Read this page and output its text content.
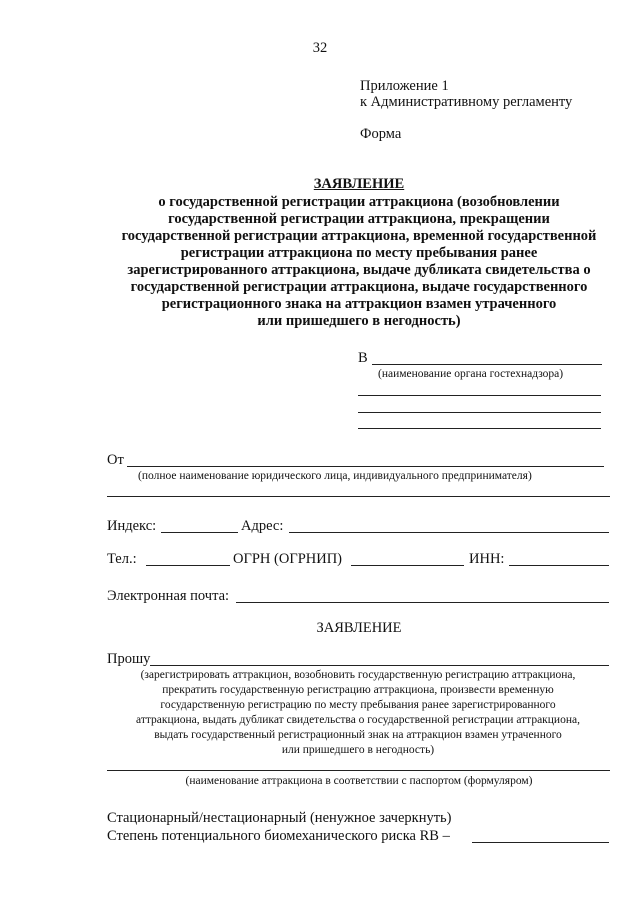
32
Приложение 1
к Административному регламенту
Форма
ЗАЯВЛЕНИЕ
о государственной регистрации аттракциона (возобновлении
государственной регистрации аттракциона, прекращении
государственной регистрации аттракциона, временной государственной
регистрации аттракциона по месту пребывания ранее
зарегистрированного аттракциона, выдаче дубликата свидетельства о
государственной регистрации аттракциона, выдаче государственного
регистрационного знака на аттракцион взамен утраченного
или пришедшего в негодность)
В
(наименование органа гостехнадзора)
От
(полное наименование юридического лица, индивидуального предпринимателя)
Индекс:	Адрес:
Тел.:	ОГРН (ОГРНИП)	ИНН:
Электронная почта:
ЗАЯВЛЕНИЕ
Прошу
(зарегистрировать аттракцион, возобновить государственную регистрацию аттракциона,
прекратить государственную регистрацию аттракциона, произвести временную
государственную регистрацию по месту пребывания ранее зарегистрированного
аттракциона, выдать дубликат свидетельства о государственной регистрации аттракциона,
выдать государственный регистрационный знак на аттракцион взамен утраченного
или пришедшего в негодность)
(наименование аттракциона в соответствии с паспортом (формуляром)
Стационарный/нестационарный (ненужное зачеркнуть)
Степень потенциального биомеханического риска RB –
